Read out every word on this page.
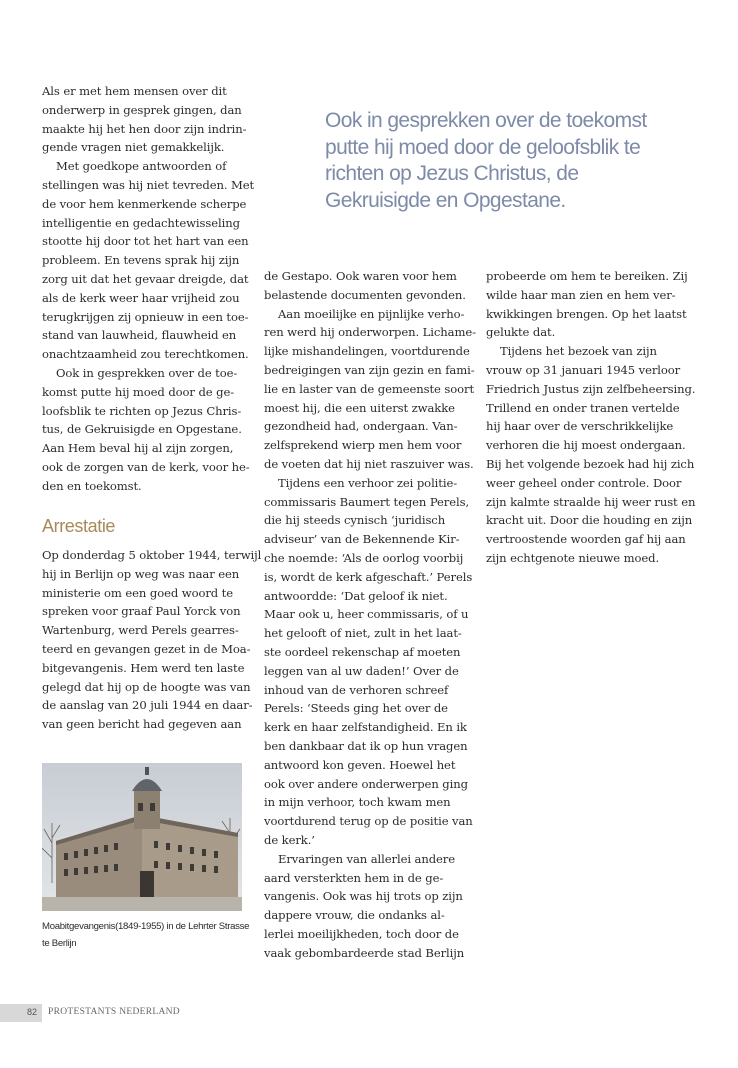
Ook in gesprekken over de toekomst putte hij moed door de geloofsblik te richten op Jezus Christus, de Gekruisigde en Opgestane.

Als er met hem mensen over dit
onderwerp in gesprek gingen, dan
maakte hij het hen door zijn indrin-
gende vragen niet gemakkelijk.

Met goedkope antwoorden of
stellingen was hij niet tevreden. Met
de voor hem kenmerkende scherpe
intelligentie en gedachtewisseling
stootte hij door tot het hart van een
probleem. En tevens sprak hij zijn
zorg uit dat het gevaar dreigde, dat
als de kerk weer haar vrijheid zou
terugkrijgen zij opnieuw in een toe-
stand van lauwheid, flauwheid en
onachtzaamheid zou terechtkomen.

Ook in gesprekken over de toe-
komst putte hij moed door de ge-
loofsblik te richten op Jezus Chris-
tus, de Gekruisigde en Opgestane.
Aan Hem beval hij al zijn zorgen,
ook de zorgen van de kerk, voor he-
den en toekomst.

Arrestatie

Op donderdag 5 oktober 1944, terwijl
hij in Berlijn op weg was naar een
ministerie om een goed woord te
spreken voor graaf Paul Yorck von
Wartenburg, werd Perels gearres-
teerd en gevangen gezet in de Moa-
bitgevangenis. Hem werd ten laste
gelegd dat hij op de hoogte was van
de aanslag van 20 juli 1944 en daar-
van geen bericht had gegeven aan

de Gestapo. Ook waren voor hem
belastende documenten gevonden.

Aan moeilijke en pijnlijke verho-
ren werd hij onderworpen. Lichame-
lijke mishandelingen, voortdurende
bedreigingen van zijn gezin en fami-
lie en laster van de gemeenste soort
moest hij, die een uiterst zwakke
gezondheid had, ondergaan. Van-
zelfsprekend wierp men hem voor
de voeten dat hij niet raszuiver was.

Tijdens een verhoor zei politie-
commissaris Baumert tegen Perels,
die hij steeds cynisch ‘juridisch
adviseur’ van de Bekennende Kir-
che noemde: ‘Als de oorlog voorbij
is, wordt de kerk afgeschaft.’ Perels
antwoordde: ‘Dat geloof ik niet.
Maar ook u, heer commissaris, of u
het gelooft of niet, zult in het laat-
ste oordeel rekenschap af moeten
leggen van al uw daden!’ Over de
inhoud van de verhoren schreef
Perels: ‘Steeds ging het over de
kerk en haar zelfstandigheid. En ik
ben dankbaar dat ik op hun vragen
antwoord kon geven. Hoewel het
ook over andere onderwerpen ging
in mijn verhoor, toch kwam men
voortdurend terug op de positie van
de kerk.’

Ervaringen van allerlei andere
aard versterkten hem in de ge-
vangenis. Ook was hij trots op zijn
dappere vrouw, die ondanks al-
lerlei moeilijkheden, toch door de
vaak gebombardeerde stad Berlijn

probeerde om hem te bereiken. Zij
wilde haar man zien en hem ver-
kwikkingen brengen. Op het laatst
gelukte dat.

Tijdens het bezoek van zijn
vrouw op 31 januari 1945 verloor
Friedrich Justus zijn zelfbeheersing.
Trillend en onder tranen vertelde
hij haar over de verschrikkelijke
verhoren die hij moest ondergaan.
Bij het volgende bezoek had hij zich
weer geheel onder controle. Door
zijn kalmte straalde hij weer rust en
kracht uit. Door die houding en zijn
vertroostende woorden gaf hij aan
zijn echtgenote nieuwe moed.

Moabitgevangenis(1849-1955) in de Lehrter Strasse
te Berlijn
82 PROTESTANTS NEDERLAND
